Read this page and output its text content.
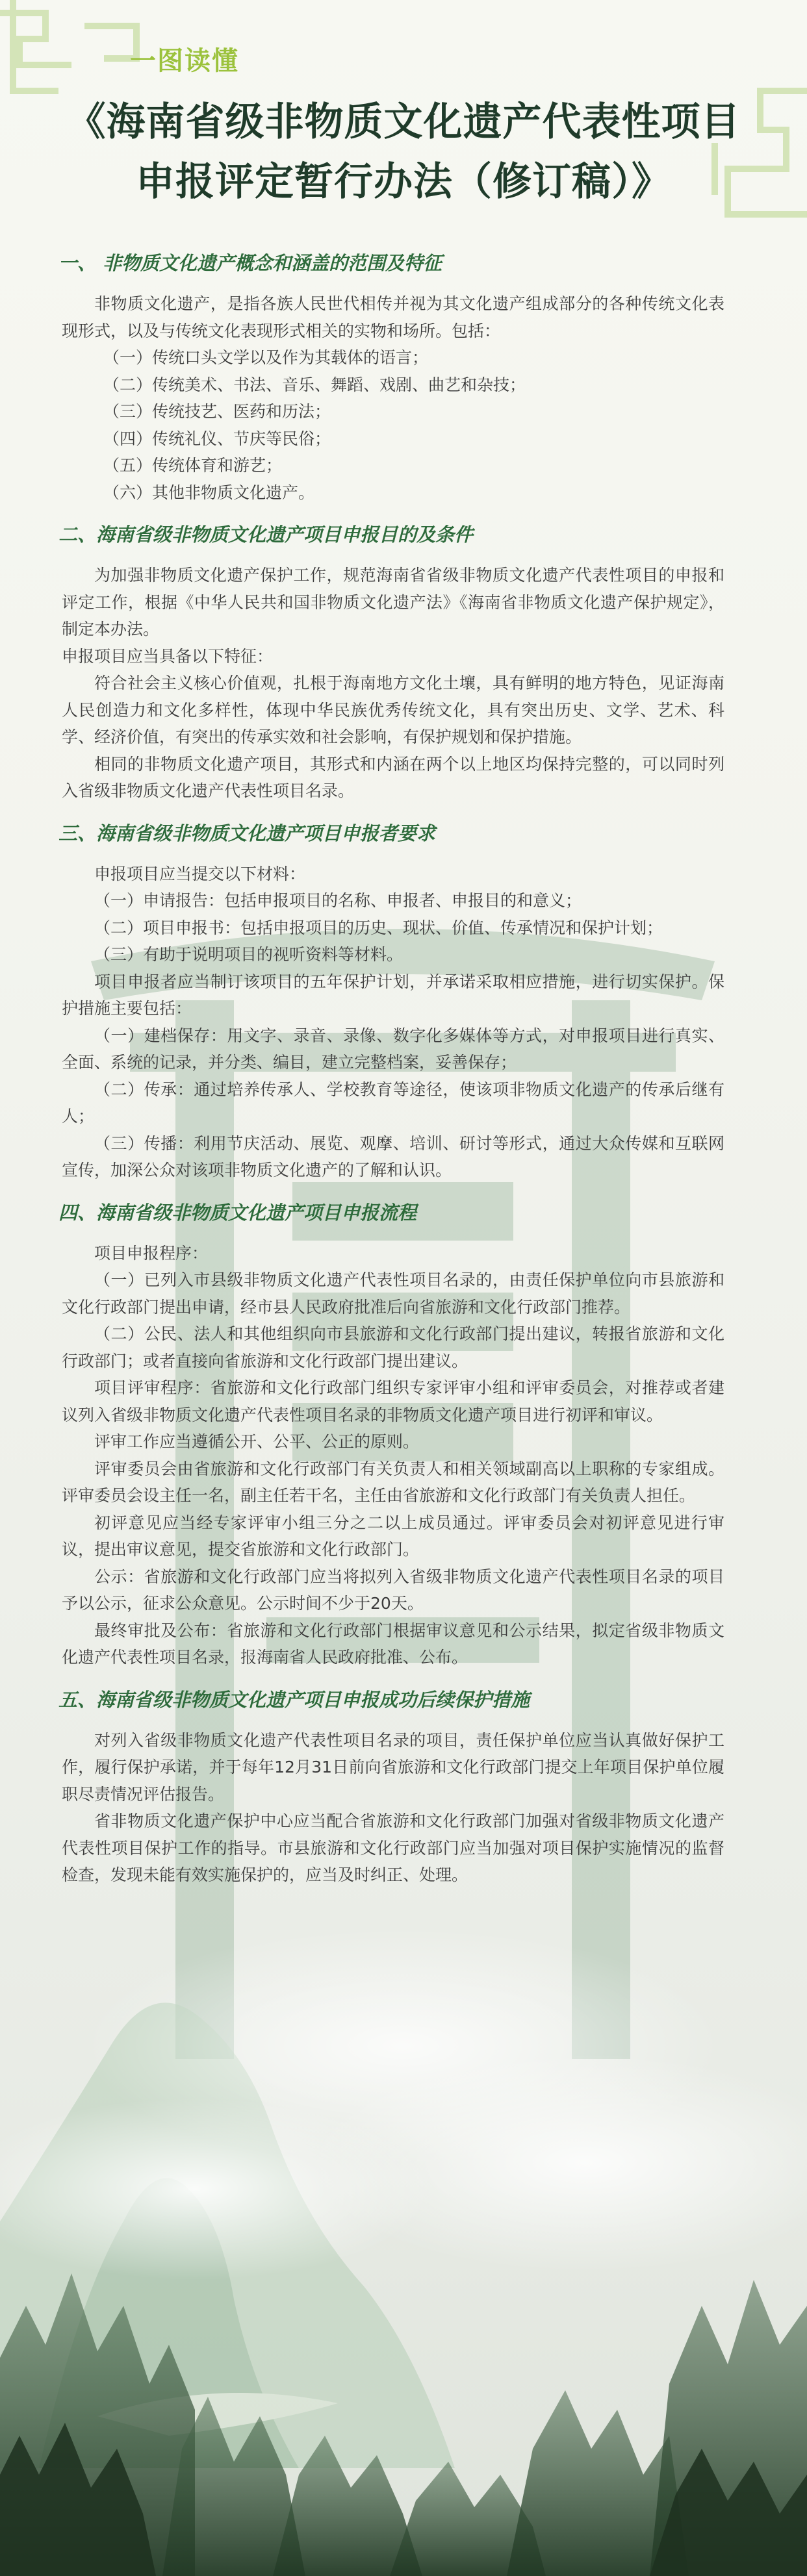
一图读懂
《海南省级非物质文化遗产代表性项目
申报评定暂行办法（修订稿）》
一、 非物质文化遗产概念和涵盖的范围及特征

非物质文化遗产，是指各族人民世代相传并视为其文化遗产组成部分的各种传统文化表现形式，以及与传统文化表现形式相关的实物和场所。包括：

（一）传统口头文学以及作为其载体的语言；

（二）传统美术、书法、音乐、舞蹈、戏剧、曲艺和杂技；

（三）传统技艺、医药和历法；

（四）传统礼仪、节庆等民俗；

（五）传统体育和游艺；

（六）其他非物质文化遗产。

二、海南省级非物质文化遗产项目申报目的及条件

为加强非物质文化遗产保护工作，规范海南省省级非物质文化遗产代表性项目的申报和评定工作，根据《中华人民共和国非物质文化遗产法》《海南省非物质文化遗产保护规定》，制定本办法。

申报项目应当具备以下特征：

符合社会主义核心价值观，扎根于海南地方文化土壤，具有鲜明的地方特色，见证海南人民创造力和文化多样性，体现中华民族优秀传统文化，具有突出历史、文学、艺术、科学、经济价值，有突出的传承实效和社会影响，有保护规划和保护措施。

相同的非物质文化遗产项目，其形式和内涵在两个以上地区均保持完整的，可以同时列入省级非物质文化遗产代表性项目名录。

三、海南省级非物质文化遗产项目申报者要求

申报项目应当提交以下材料：

（一）申请报告：包括申报项目的名称、申报者、申报目的和意义；

（二）项目申报书：包括申报项目的历史、现状、价值、传承情况和保护计划；

（三）有助于说明项目的视听资料等材料。

项目申报者应当制订该项目的五年保护计划，并承诺采取相应措施，进行切实保护。保护措施主要包括：

（一）建档保存：用文字、录音、录像、数字化多媒体等方式，对申报项目进行真实、全面、系统的记录，并分类、编目，建立完整档案，妥善保存；

（二）传承：通过培养传承人、学校教育等途径，使该项非物质文化遗产的传承后继有人；

（三）传播：利用节庆活动、展览、观摩、培训、研讨等形式，通过大众传媒和互联网宣传，加深公众对该项非物质文化遗产的了解和认识。

四、海南省级非物质文化遗产项目申报流程

项目申报程序：

（一）已列入市县级非物质文化遗产代表性项目名录的，由责任保护单位向市县旅游和文化行政部门提出申请，经市县人民政府批准后向省旅游和文化行政部门推荐。

（二）公民、法人和其他组织向市县旅游和文化行政部门提出建议，转报省旅游和文化行政部门；或者直接向省旅游和文化行政部门提出建议。

项目评审程序：省旅游和文化行政部门组织专家评审小组和评审委员会，对推荐或者建议列入省级非物质文化遗产代表性项目名录的非物质文化遗产项目进行初评和审议。

评审工作应当遵循公开、公平、公正的原则。

评审委员会由省旅游和文化行政部门有关负责人和相关领域副高以上职称的专家组成。评审委员会设主任一名，副主任若干名，主任由省旅游和文化行政部门有关负责人担任。

初评意见应当经专家评审小组三分之二以上成员通过。评审委员会对初评意见进行审议，提出审议意见，提交省旅游和文化行政部门。

公示：省旅游和文化行政部门应当将拟列入省级非物质文化遗产代表性项目名录的项目予以公示，征求公众意见。公示时间不少于20天。

最终审批及公布：省旅游和文化行政部门根据审议意见和公示结果，拟定省级非物质文化遗产代表性项目名录，报海南省人民政府批准、公布。

五、海南省级非物质文化遗产项目申报成功后续保护措施

对列入省级非物质文化遗产代表性项目名录的项目，责任保护单位应当认真做好保护工作，履行保护承诺，并于每年12月31日前向省旅游和文化行政部门提交上年项目保护单位履职尽责情况评估报告。

省非物质文化遗产保护中心应当配合省旅游和文化行政部门加强对省级非物质文化遗产代表性项目保护工作的指导。市县旅游和文化行政部门应当加强对项目保护实施情况的监督检查，发现未能有效实施保护的，应当及时纠正、处理。
